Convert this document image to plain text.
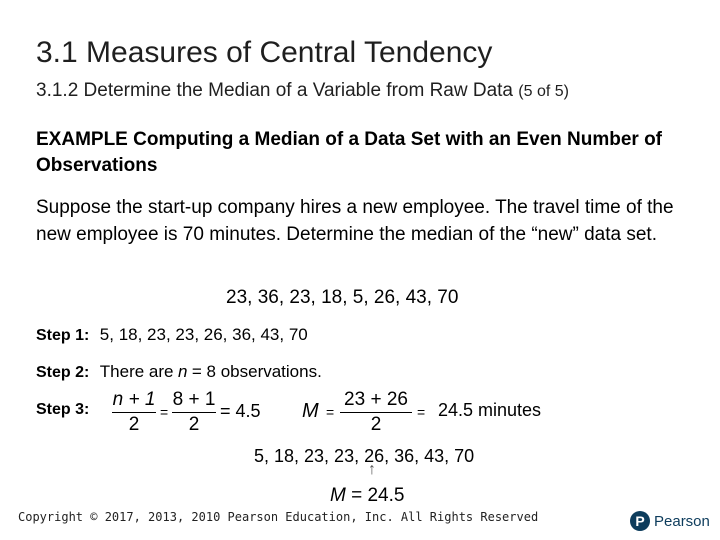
3.1 Measures of Central Tendency
3.1.2 Determine the Median of a Variable from Raw Data (5 of 5)
EXAMPLE Computing a Median of a Data Set with an Even Number of Observations
Suppose the start-up company hires a new employee. The travel time of the new employee is 70 minutes. Determine the median of the “new” data set.
23, 36, 23, 18, 5, 26, 43, 70
Step 1: 5, 18, 23, 23, 26, 36, 43, 70
Step 2: There are n = 8 observations.
Step 3: n + 1
2
=
8 + 1
2
= 4.5 M =
23 + 26
2
= 24.5 minutes
5, 18, 23, 23, 26, 36, 43, 70
↑
M = 24.5
Copyright © 2017, 2013, 2010 Pearson Education, Inc. All Rights Reserved	P Pearson
